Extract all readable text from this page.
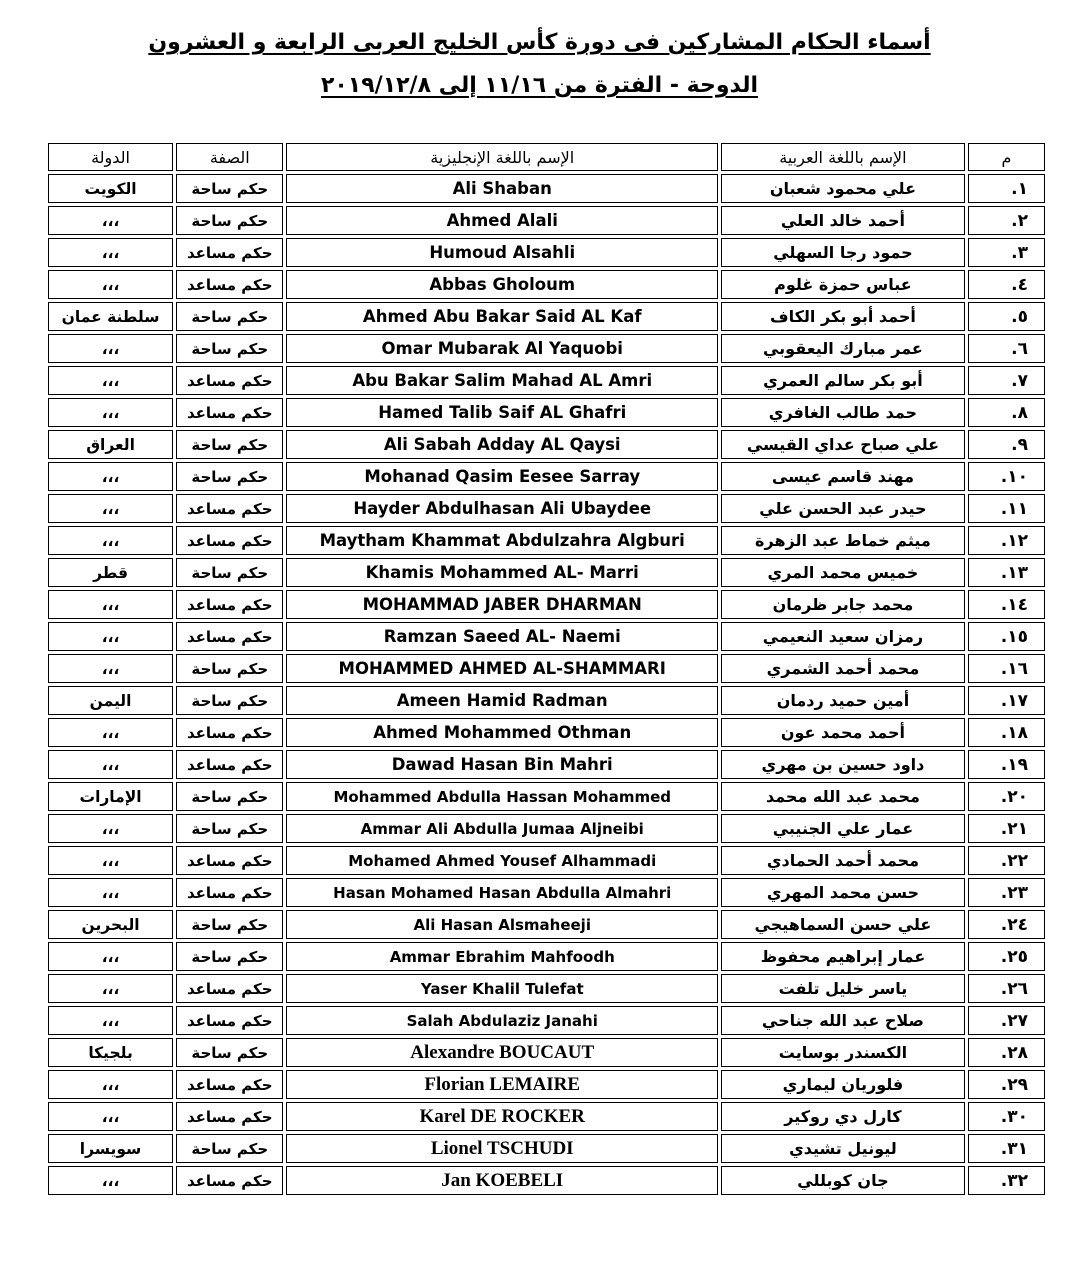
أسماء الحكام المشاركين فى دورة كأس الخليج العربى الرابعة و العشرون
الدوحة - الفترة من ١١/١٦ إلى ٢٠١٩/١٢/٨
م	الإسم باللغة العربية	الإسم باللغة الإنجليزية	الصفة	الدولة
١.	علي محمود شعبان	Ali Shaban	حكم ساحة	الكويت
٢.	أحمد خالد العلي	Ahmed Alali	حكم ساحة	،،،
٣.	حمود رجا السهلي	Humoud Alsahli	حكم مساعد	،،،
٤.	عباس حمزة غلوم	Abbas Gholoum	حكم مساعد	،،،
٥.	أحمد أبو بكر الكاف	Ahmed Abu Bakar Said AL Kaf	حكم ساحة	سلطنة عمان
٦.	عمر مبارك اليعقوبي	Omar Mubarak Al Yaquobi	حكم ساحة	،،،
٧.	أبو بكر سالم العمري	Abu Bakar Salim Mahad AL Amri	حكم مساعد	،،،
٨.	حمد طالب الغافري	Hamed Talib Saif AL Ghafri	حكم مساعد	،،،
٩.	علي صباح عداي القيسي	Ali Sabah Adday AL Qaysi	حكم ساحة	العراق
١٠.	مهند قاسم عيسى	Mohanad Qasim Eesee Sarray	حكم ساحة	،،،
١١.	حيدر عبد الحسن علي	Hayder Abdulhasan Ali Ubaydee	حكم مساعد	،،،
١٢.	ميثم خماط عبد الزهرة	Maytham Khammat Abdulzahra Algburi	حكم مساعد	،،،
١٣.	خميس محمد المري	Khamis Mohammed AL- Marri	حكم ساحة	قطر
١٤.	محمد جابر ظرمان	MOHAMMAD JABER DHARMAN	حكم مساعد	،،،
١٥.	رمزان سعيد النعيمي	Ramzan Saeed AL- Naemi	حكم مساعد	،،،
١٦.	محمد أحمد الشمري	MOHAMMED AHMED AL-SHAMMARI	حكم ساحة	،،،
١٧.	أمين حميد ردمان	Ameen Hamid Radman	حكم ساحة	اليمن
١٨.	أحمد محمد عون	Ahmed Mohammed Othman	حكم مساعد	،،،
١٩.	داود حسين بن مهري	Dawad Hasan Bin Mahri	حكم مساعد	،،،
٢٠.	محمد عبد الله محمد	Mohammed Abdulla Hassan Mohammed	حكم ساحة	الإمارات
٢١.	عمار علي الجنيبي	Ammar Ali Abdulla Jumaa Aljneibi	حكم ساحة	،،،
٢٢.	محمد أحمد الحمادي	Mohamed Ahmed Yousef Alhammadi	حكم مساعد	،،،
٢٣.	حسن محمد المهري	Hasan Mohamed Hasan Abdulla Almahri	حكم مساعد	،،،
٢٤.	علي حسن السماهيجي	Ali Hasan Alsmaheeji	حكم ساحة	البحرين
٢٥.	عمار إبراهيم محفوظ	Ammar Ebrahim Mahfoodh	حكم ساحة	،،،
٢٦.	ياسر خليل تلفت	Yaser Khalil Tulefat	حكم مساعد	،،،
٢٧.	صلاح عبد الله جناحي	Salah Abdulaziz Janahi	حكم مساعد	،،،
٢٨.	الكسندر بوسايت	Alexandre BOUCAUT	حكم ساحة	بلجيكا
٢٩.	فلوريان ليماري	Florian LEMAIRE	حكم مساعد	،،،
٣٠.	كارل دي روكير	Karel DE ROCKER	حكم مساعد	،،،
٣١.	ليونيل تشيدي	Lionel TSCHUDI	حكم ساحة	سويسرا
٣٢.	جان كوبللي	Jan KOEBELI	حكم مساعد	،،،
